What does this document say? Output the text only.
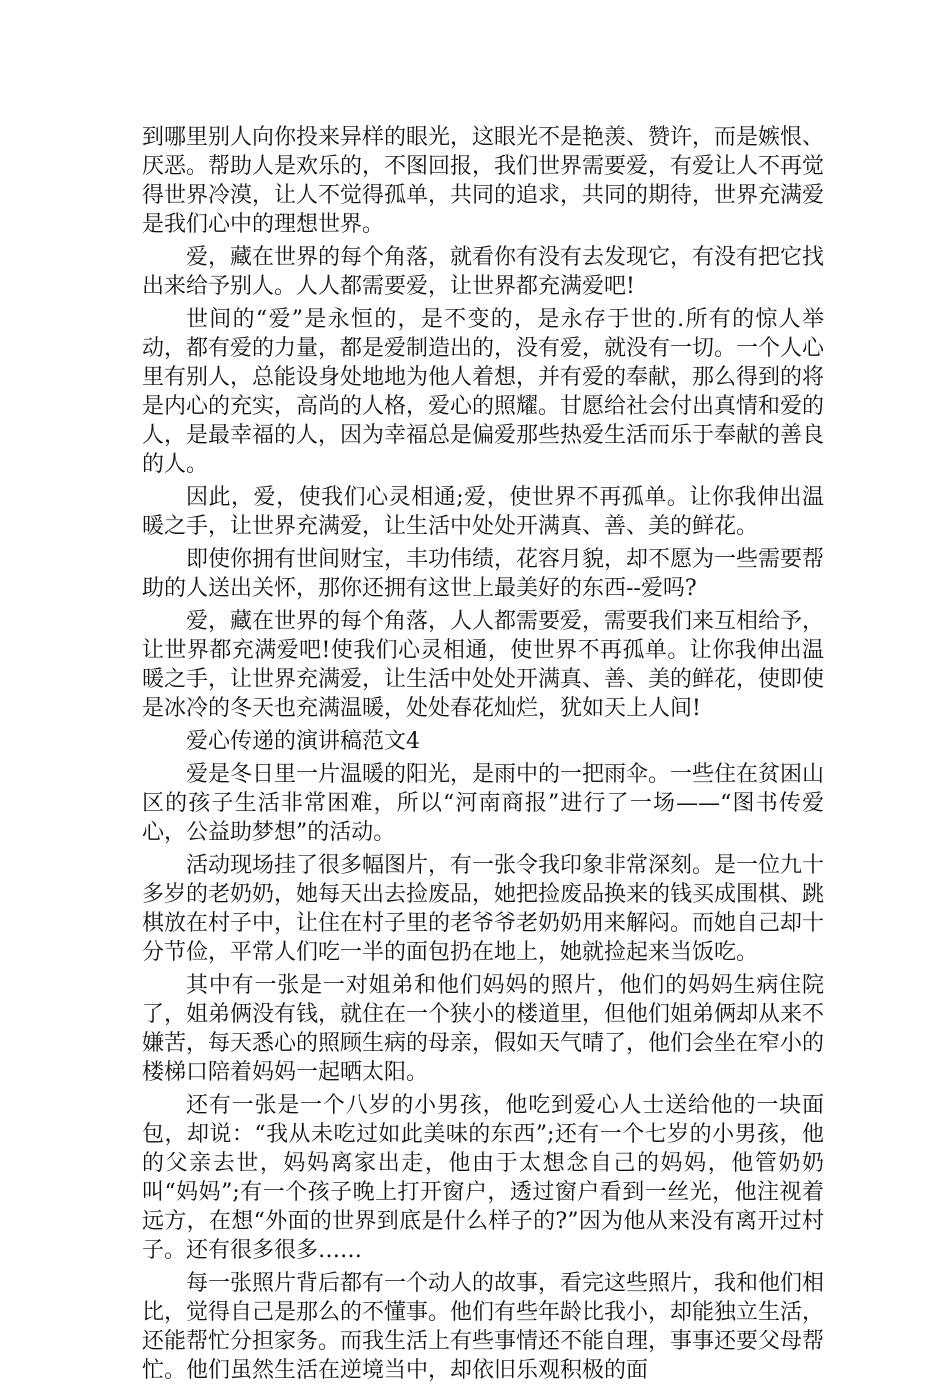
到哪里别人向你投来异样的眼光，这眼光不是艳羡、赞许，而是嫉恨、厌恶。帮助人是欢乐的，不图回报，我们世界需要爱，有爱让人不再觉得世界冷漠，让人不觉得孤单，共同的追求，共同的期待，世界充满爱是我们心中的理想世界。

爱，藏在世界的每个角落，就看你有没有去发现它，有没有把它找出来给予别人。人人都需要爱，让世界都充满爱吧!

世间的“爱”是永恒的，是不变的，是永存于世的.所有的惊人举动，都有爱的力量，都是爱制造出的，没有爱，就没有一切。一个人心里有别人，总能设身处地地为他人着想，并有爱的奉献，那么得到的将是内心的充实，高尚的人格，爱心的照耀。甘愿给社会付出真情和爱的人，是最幸福的人，因为幸福总是偏爱那些热爱生活而乐于奉献的善良的人。

因此，爱，使我们心灵相通;爱，使世界不再孤单。让你我伸出温暖之手，让世界充满爱，让生活中处处开满真、善、美的鲜花。

即使你拥有世间财宝，丰功伟绩，花容月貌，却不愿为一些需要帮助的人送出关怀，那你还拥有这世上最美好的东西--爱吗?

爱，藏在世界的每个角落，人人都需要爱，需要我们来互相给予，让世界都充满爱吧!使我们心灵相通，使世界不再孤单。让你我伸出温暖之手，让世界充满爱，让生活中处处开满真、善、美的鲜花，使即使是冰冷的冬天也充满温暖，处处春花灿烂，犹如天上人间!

爱心传递的演讲稿范文4

爱是冬日里一片温暖的阳光，是雨中的一把雨伞。一些住在贫困山区的孩子生活非常困难，所以“河南商报”进行了一场——“图书传爱心，公益助梦想”的活动。

活动现场挂了很多幅图片，有一张令我印象非常深刻。是一位九十多岁的老奶奶，她每天出去捡废品，她把捡废品换来的钱买成围棋、跳棋放在村子中，让住在村子里的老爷爷老奶奶用来解闷。而她自己却十分节俭，平常人们吃一半的面包扔在地上，她就捡起来当饭吃。

其中有一张是一对姐弟和他们妈妈的照片，他们的妈妈生病住院了，姐弟俩没有钱，就住在一个狭小的楼道里，但他们姐弟俩却从来不嫌苦，每天悉心的照顾生病的母亲，假如天气晴了，他们会坐在窄小的楼梯口陪着妈妈一起晒太阳。

还有一张是一个八岁的小男孩，他吃到爱心人士送给他的一块面包，却说：“我从未吃过如此美味的东西”;还有一个七岁的小男孩，他的父亲去世，妈妈离家出走，他由于太想念自己的妈妈，他管奶奶叫“妈妈”;有一个孩子晚上打开窗户，透过窗户看到一丝光，他注视着远方，在想“外面的世界到底是什么样子的?”因为他从来没有离开过村子。还有很多很多……

每一张照片背后都有一个动人的故事，看完这些照片，我和他们相比，觉得自己是那么的不懂事。他们有些年龄比我小，却能独立生活，还能帮忙分担家务。而我生活上有些事情还不能自理，事事还要父母帮忙。他们虽然生活在逆境当中，却依旧乐观积极的面
